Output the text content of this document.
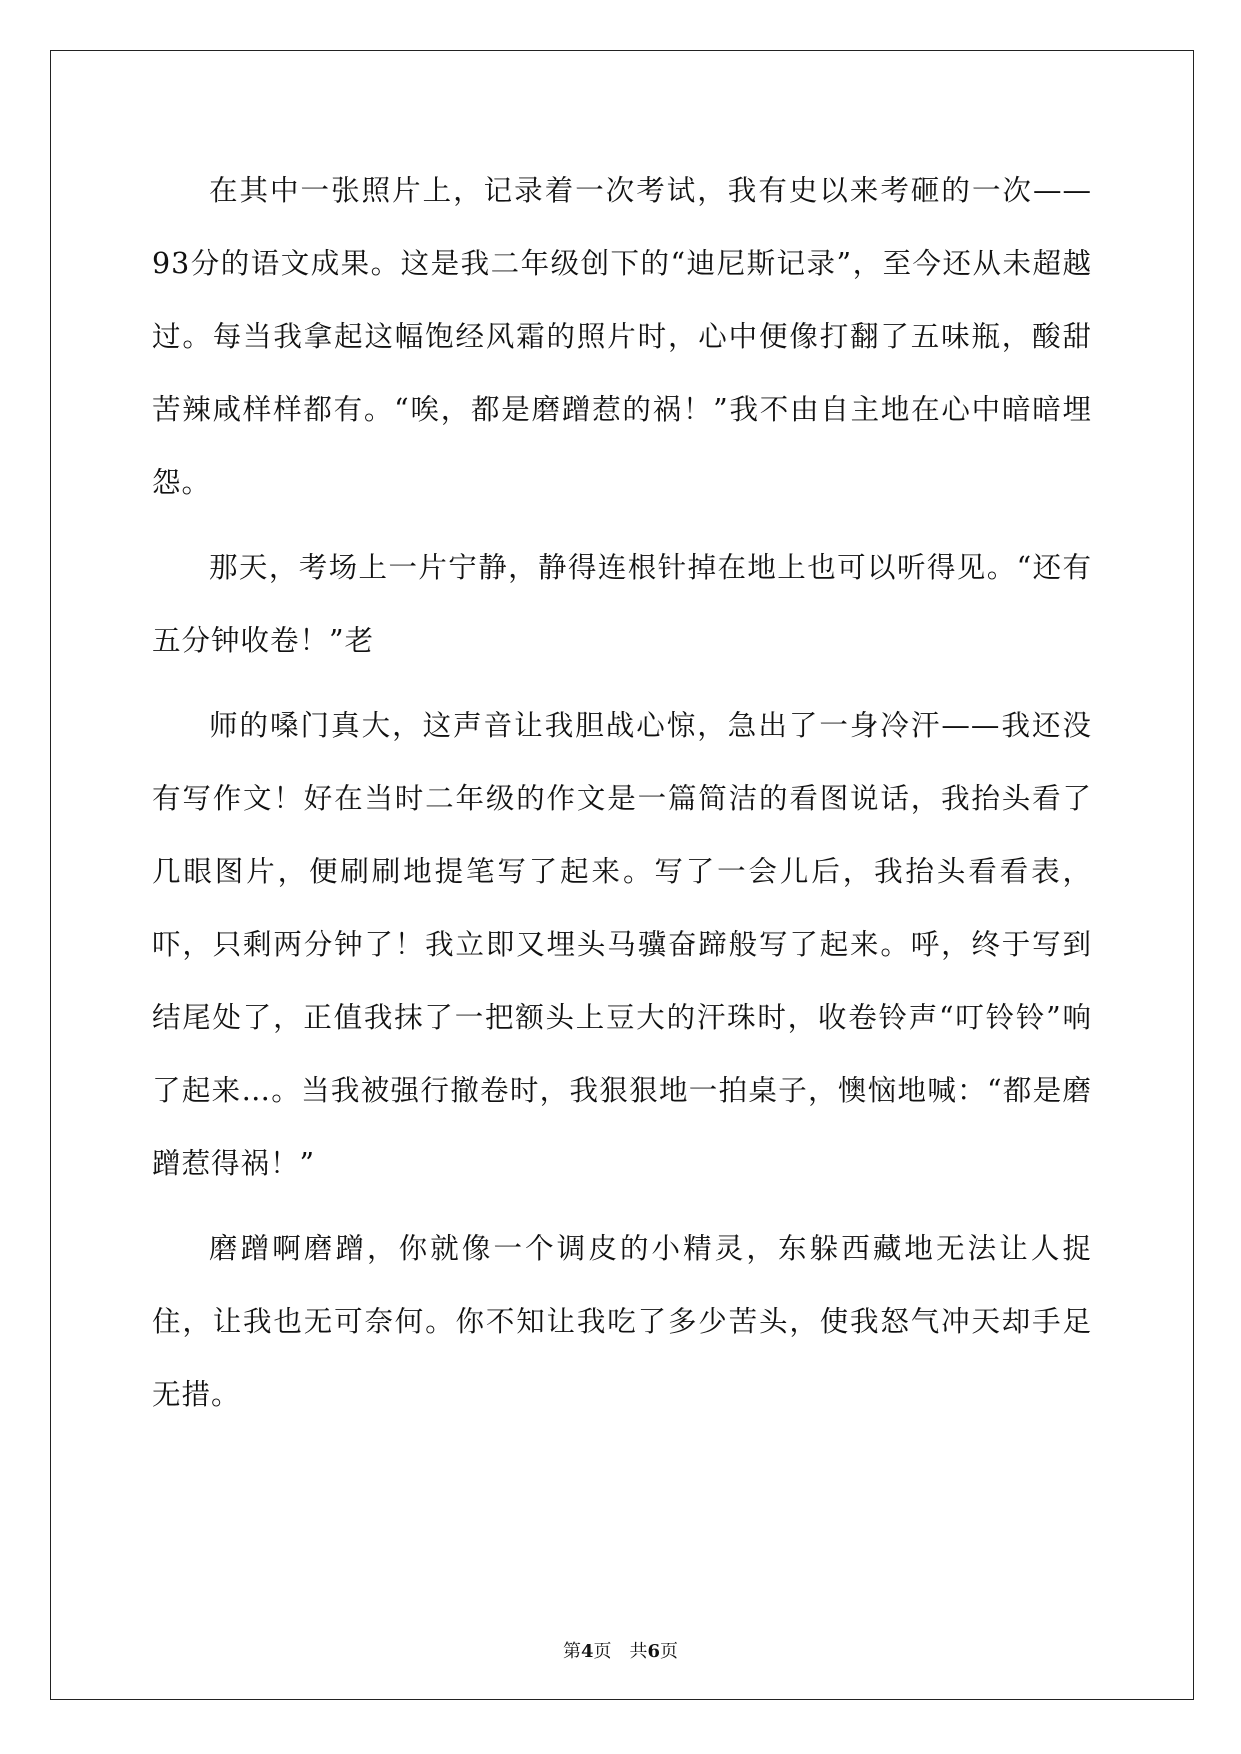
在其中一张照片上，记录着一次考试，我有史以来考砸的一次——93分的语文成果。这是我二年级创下的“迪尼斯记录”，至今还从未超越过。每当我拿起这幅饱经风霜的照片时，心中便像打翻了五味瓶，酸甜苦辣咸样样都有。“唉，都是磨蹭惹的祸！”我不由自主地在心中暗暗埋怨。

那天，考场上一片宁静，静得连根针掉在地上也可以听得见。“还有五分钟收卷！”老

师的嗓门真大，这声音让我胆战心惊，急出了一身冷汗——我还没有写作文！好在当时二年级的作文是一篇简洁的看图说话，我抬头看了几眼图片，便刷刷地提笔写了起来。写了一会儿后，我抬头看看表，吓，只剩两分钟了！我立即又埋头马骥奋蹄般写了起来。呼，终于写到结尾处了，正值我抹了一把额头上豆大的汗珠时，收卷铃声“叮铃铃”响了起来…。当我被强行撤卷时，我狠狠地一拍桌子，懊恼地喊：“都是磨蹭惹得祸！”

磨蹭啊磨蹭，你就像一个调皮的小精灵，东躲西藏地无法让人捉住，让我也无可奈何。你不知让我吃了多少苦头，使我怒气冲天却手足无措。

第4页 共6页
